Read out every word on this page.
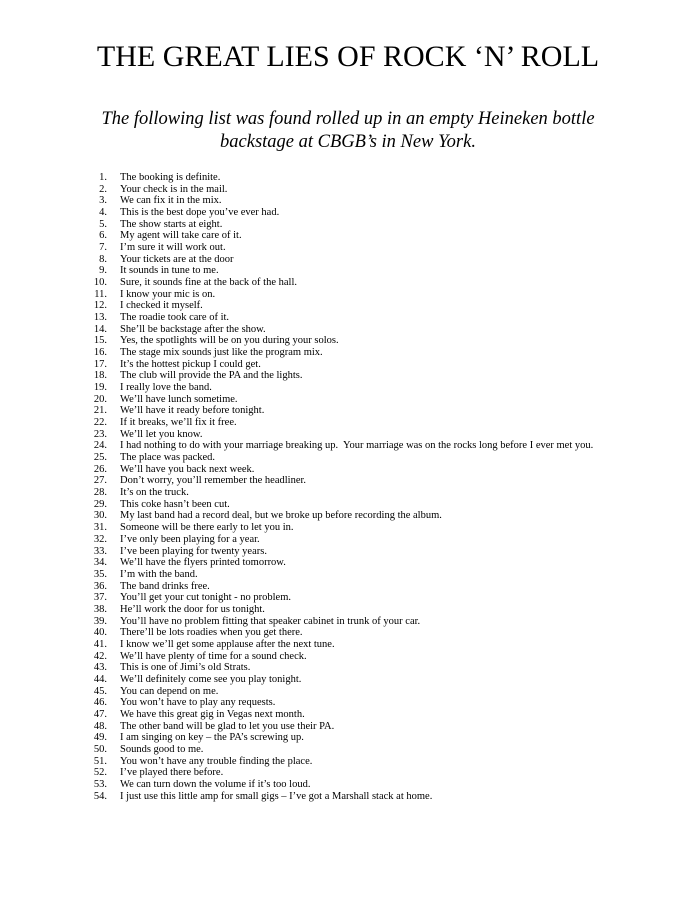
THE GREAT LIES OF ROCK ‘N’ ROLL
The following list was found rolled up in an empty Heineken bottle
backstage at CBGB’s in New York.
1. The booking is definite.
2. Your check is in the mail.
3. We can fix it in the mix.
4. This is the best dope you’ve ever had.
5. The show starts at eight.
6. My agent will take care of it.
7. I’m sure it will work out.
8. Your tickets are at the door
9. It sounds in tune to me.
10. Sure, it sounds fine at the back of the hall.
11. I know your mic is on.
12. I checked it myself.
13. The roadie took care of it.
14. She’ll be backstage after the show.
15. Yes, the spotlights will be on you during your solos.
16. The stage mix sounds just like the program mix.
17. It’s the hottest pickup I could get.
18. The club will provide the PA and the lights.
19. I really love the band.
20. We’ll have lunch sometime.
21. We’ll have it ready before tonight.
22. If it breaks, we’ll fix it free.
23. We’ll let you know.
24. I had nothing to do with your marriage breaking up.  Your marriage was on the rocks long before I ever met you.
25. The place was packed.
26. We’ll have you back next week.
27. Don’t worry, you’ll remember the headliner.
28. It’s on the truck.
29. This coke hasn’t been cut.
30. My last band had a record deal, but we broke up before recording the album.
31. Someone will be there early to let you in.
32. I’ve only been playing for a year.
33. I’ve been playing for twenty years.
34. We’ll have the flyers printed tomorrow.
35. I’m with the band.
36. The band drinks free.
37. You’ll get your cut tonight - no problem.
38. He’ll work the door for us tonight.
39. You’ll have no problem fitting that speaker cabinet in trunk of your car.
40. There’ll be lots roadies when you get there.
41. I know we’ll get some applause after the next tune.
42. We’ll have plenty of time for a sound check.
43. This is one of Jimi’s old Strats.
44. We’ll definitely come see you play tonight.
45. You can depend on me.
46. You won’t have to play any requests.
47. We have this great gig in Vegas next month.
48. The other band will be glad to let you use their PA.
49. I am singing on key – the PA’s screwing up.
50. Sounds good to me.
51. You won’t have any trouble finding the place.
52. I’ve played there before.
53. We can turn down the volume if it’s too loud.
54. I just use this little amp for small gigs – I’ve got a Marshall stack at home.
